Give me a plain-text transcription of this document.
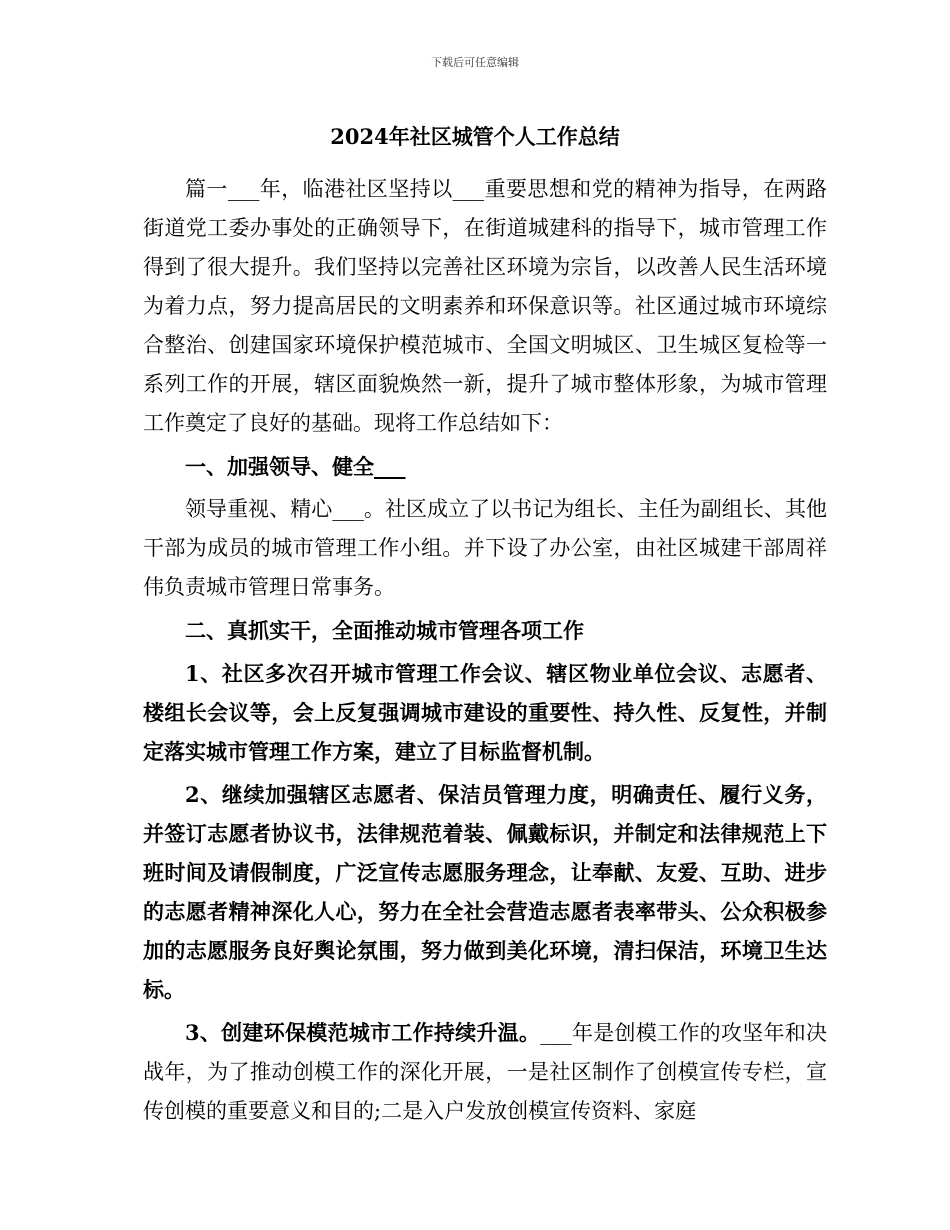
下载后可任意编辑
2024年社区城管个人工作总结

篇一___年，临港社区坚持以___重要思想和党的精神为指导，在两路街道党工委办事处的正确领导下，在街道城建科的指导下，城市管理工作得到了很大提升。我们坚持以完善社区环境为宗旨，以改善人民生活环境为着力点，努力提高居民的文明素养和环保意识等。社区通过城市环境综合整治、创建国家环境保护模范城市、全国文明城区、卫生城区复检等一系列工作的开展，辖区面貌焕然一新，提升了城市整体形象，为城市管理工作奠定了良好的基础。现将工作总结如下：

一、加强领导、健全___

领导重视、精心___。社区成立了以书记为组长、主任为副组长、其他干部为成员的城市管理工作小组。并下设了办公室，由社区城建干部周祥伟负责城市管理日常事务。

二、真抓实干，全面推动城市管理各项工作

1、社区多次召开城市管理工作会议、辖区物业单位会议、志愿者、楼组长会议等，会上反复强调城市建设的重要性、持久性、反复性，并制定落实城市管理工作方案，建立了目标监督机制。

2、继续加强辖区志愿者、保洁员管理力度，明确责任、履行义务，并签订志愿者协议书，法律规范着装、佩戴标识，并制定和法律规范上下班时间及请假制度，广泛宣传志愿服务理念，让奉献、友爱、互助、进步的志愿者精神深化人心，努力在全社会营造志愿者表率带头、公众积极参加的志愿服务良好舆论氛围，努力做到美化环境，清扫保洁，环境卫生达标。

3、创建环保模范城市工作持续升温。___年是创模工作的攻坚年和决战年，为了推动创模工作的深化开展，一是社区制作了创模宣传专栏，宣传创模的重要意义和目的;二是入户发放创模宣传资料、家庭
